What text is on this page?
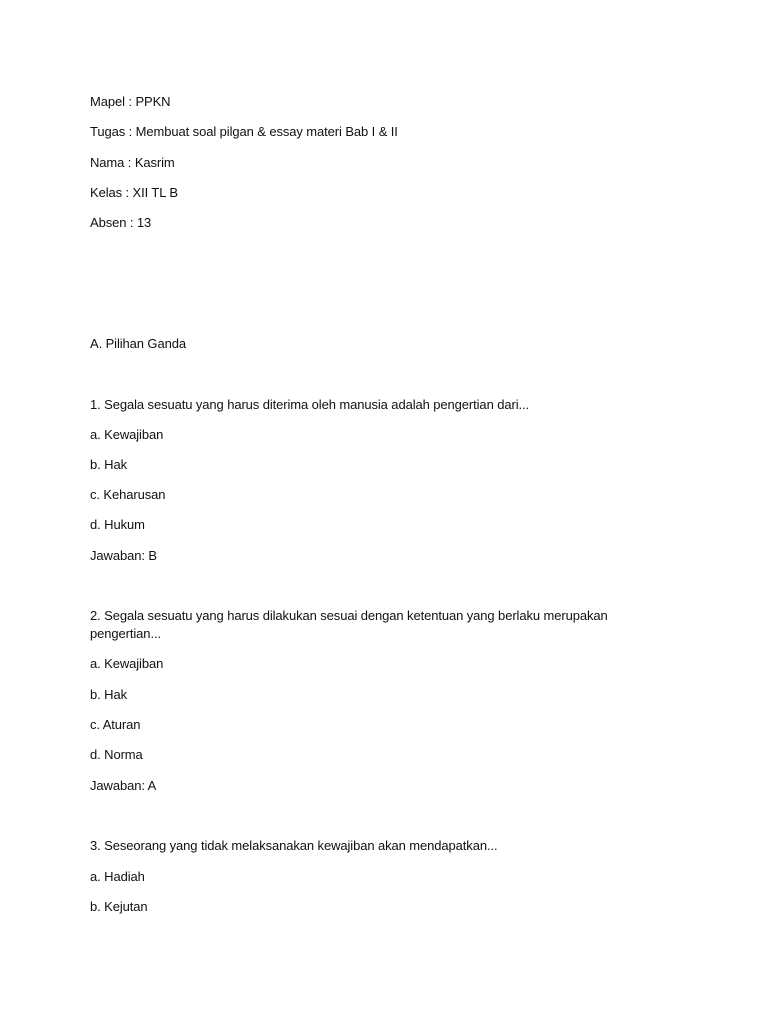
Mapel : PPKN
Tugas : Membuat soal pilgan & essay materi Bab I & II
Nama : Kasrim
Kelas : XII TL B
Absen : 13
A. Pilihan Ganda
1. Segala sesuatu yang harus diterima oleh manusia adalah pengertian dari...
a. Kewajiban
b. Hak
c. Keharusan
d. Hukum
Jawaban: B
2. Segala sesuatu yang harus dilakukan sesuai dengan ketentuan yang berlaku merupakan pengertian...
a. Kewajiban
b. Hak
c. Aturan
d. Norma
Jawaban: A
3. Seseorang yang tidak melaksanakan kewajiban akan mendapatkan...
a. Hadiah
b. Kejutan
